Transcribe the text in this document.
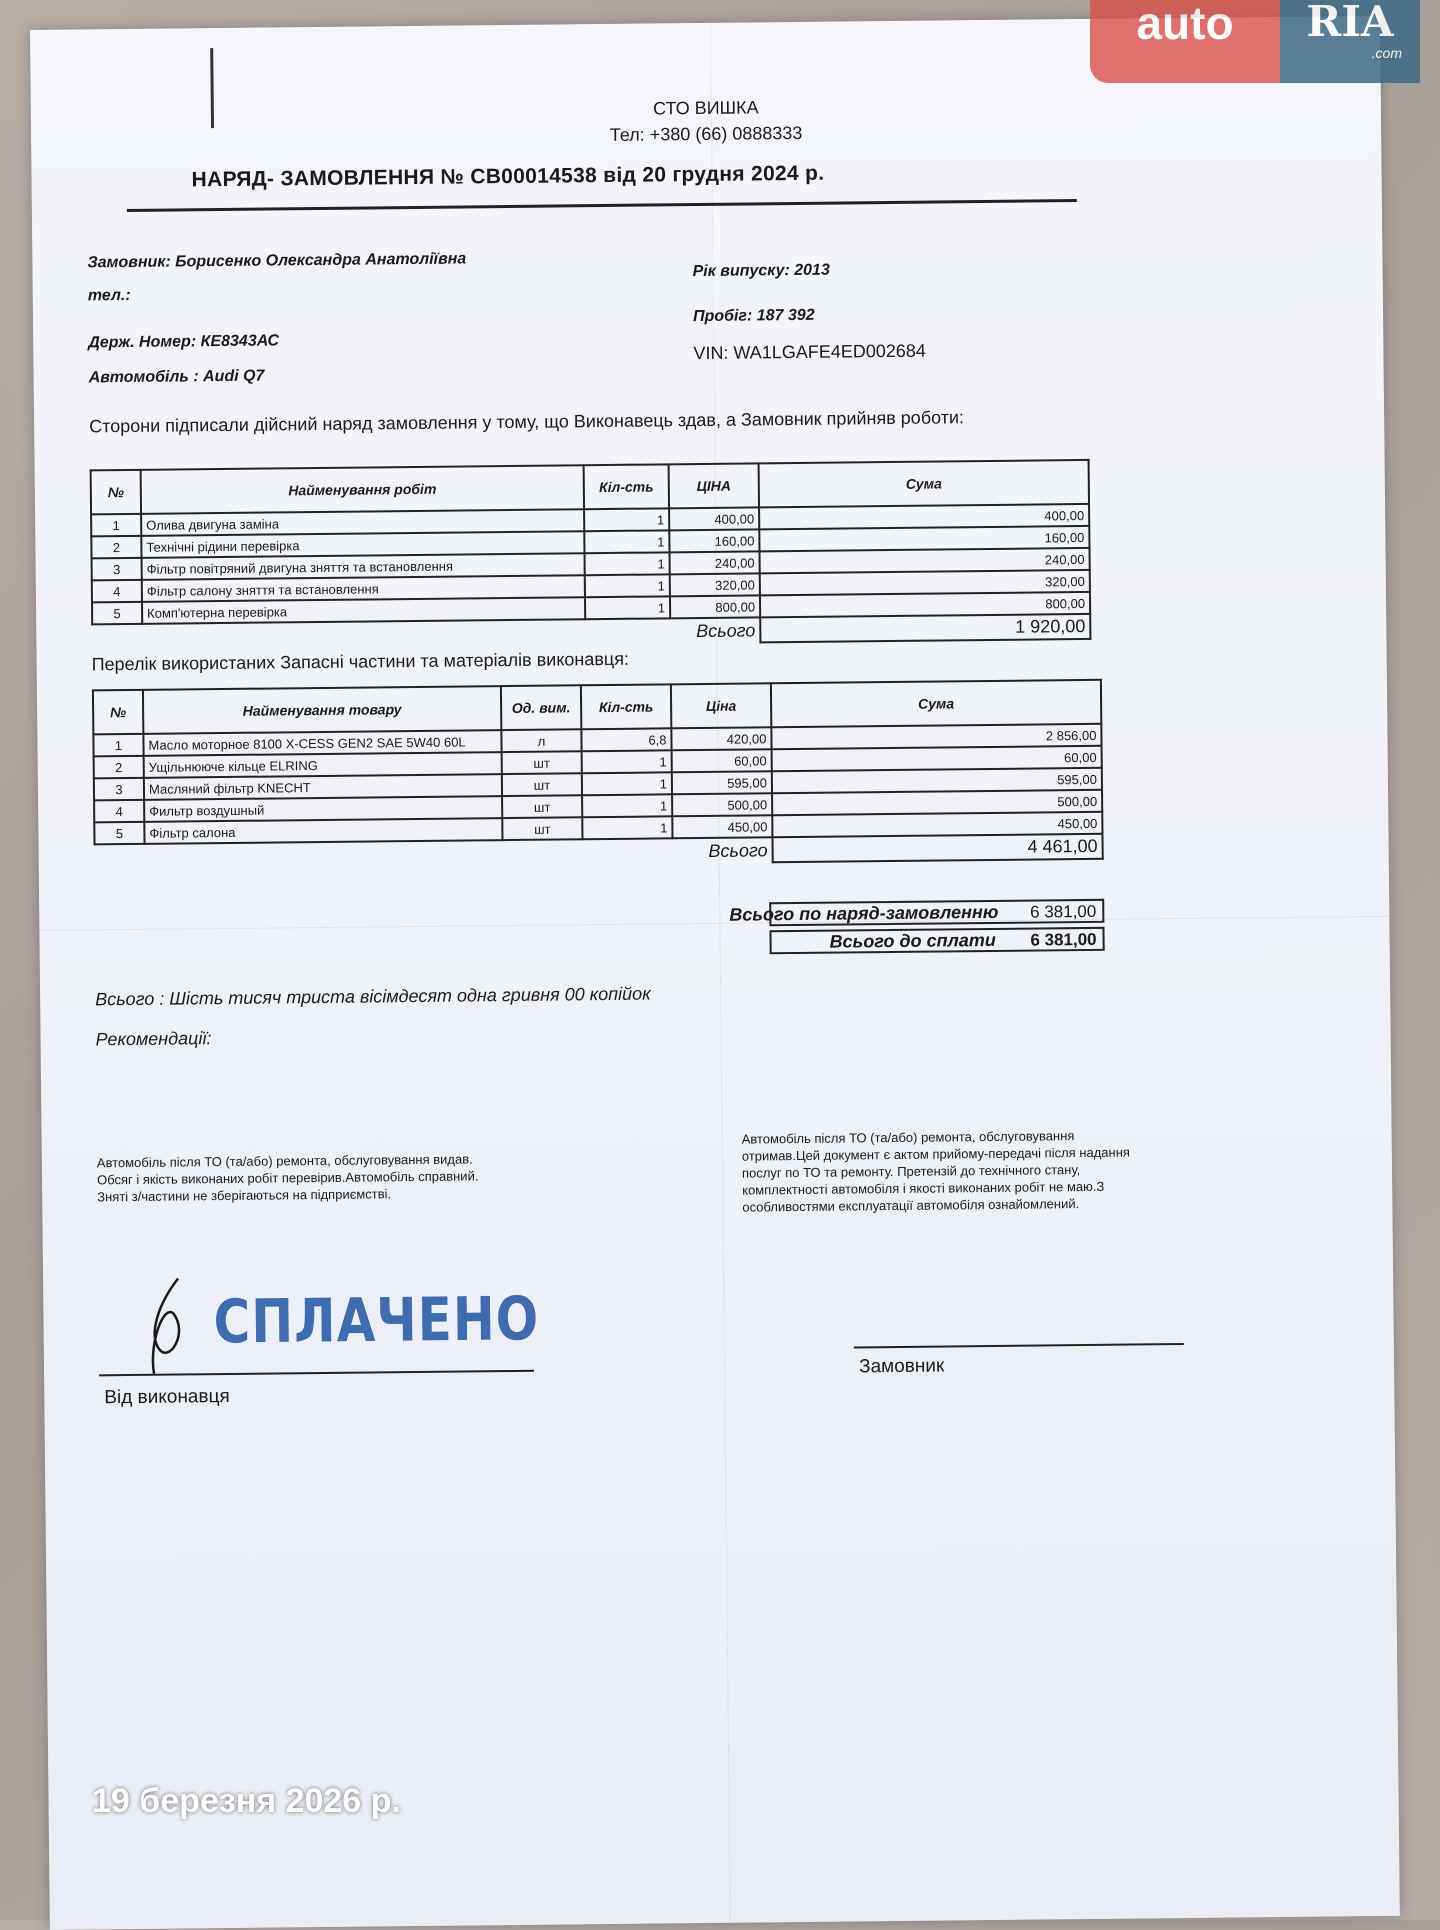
СТО ВИШКА
Тел: +380 (66) 0888333
НАРЯД- ЗАМОВЛЕННЯ № СВ00014538 від 20 грудня 2024 р.
Замовник: Борисенко Олександра Анатоліївна
тел.:
Держ. Номер: КЕ8343АС
Автомобіль : Audi Q7
Рік випуску: 2013
Пробіг: 187 392
VIN: WA1LGAFE4ED002684
Сторони підписали дійсний наряд замовлення у тому, що Виконавець здав, а Замовник прийняв роботи:
№	Найменування робіт	Кіл-сть	ЦІНА	Сума
1	Олива двигуна заміна	1	400,00	400,00
2	Технічні рідини перевірка	1	160,00	160,00
3	Фільтр повітряний двигуна зняття та встановлення	1	240,00	240,00
4	Фільтр салону зняття та встановлення	1	320,00	320,00
5	Комп'ютерна перевірка	1	800,00	800,00
Всього				1 920,00
Перелік використаних Запасні частини та матеріалів виконавця:
№	Найменування товару	Од. вим.	Кіл-сть	Ціна	Сума
1	Масло моторное 8100 X-CESS GEN2 SAE 5W40 60L	л	6,8	420,00	2 856,00
2	Ущільнююче кільце ELRING	шт	1	60,00	60,00
3	Масляний фільтр KNECHT	шт	1	595,00	595,00
4	Фильтр воздушный	шт	1	500,00	500,00
5	Фільтр салона	шт	1	450,00	450,00
Всього					4 461,00
Всього по наряд-замовленню	6 381,00
Всього до сплати	6 381,00
Всього : Шість тисяч триста вісімдесят одна гривня 00 копійок
Рекомендації:
Автомобіль після ТО (та/або) ремонта, обслуговування видав. Обсяг і якість виконаних робіт перевірив.Автомобіль справний. Зняті з/частини не зберігаються на підприємстві.
Автомобіль після ТО (та/або) ремонта, обслуговування отримав.Цей документ є актом прийому-передачі після надання послуг по ТО та ремонту. Претензій до технічного стану, комплектності автомобіля і якості виконаних робіт не маю.З особливостями експлуатації автомобіля ознайомлений.
СПЛАЧЕНО
Від виконавця
Замовник
19 березня 2026 р.
auto	RIA
.com
